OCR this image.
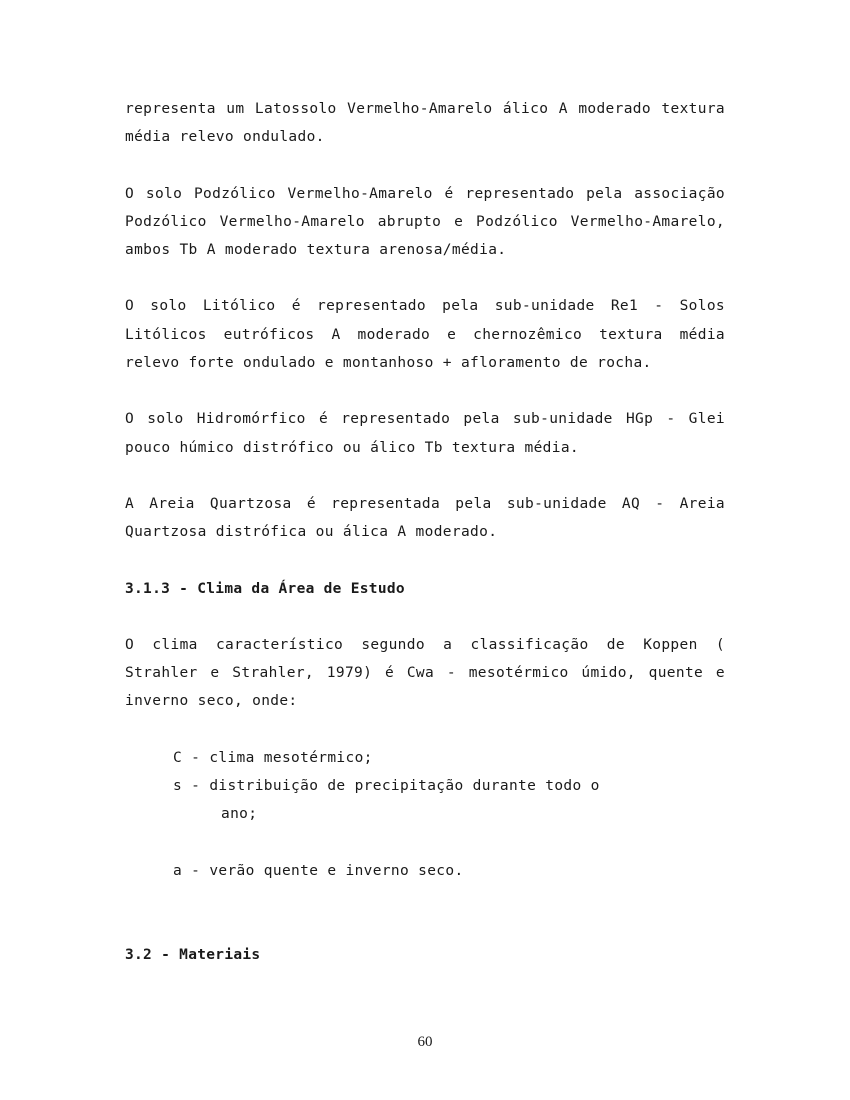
representa um Latossolo Vermelho-Amarelo álico A moderado textura média relevo ondulado.

O solo Podzólico Vermelho-Amarelo é representado pela associação Podzólico Vermelho-Amarelo abrupto e Podzólico Vermelho-Amarelo, ambos Tb A moderado textura arenosa/média.

O solo Litólico é representado pela sub-unidade Re1 - Solos Litólicos eutróficos A moderado e chernozêmico textura média relevo forte ondulado e montanhoso + afloramento de rocha.

O solo Hidromórfico é representado pela sub-unidade HGp - Glei pouco húmico distrófico ou álico Tb textura média.

A Areia Quartzosa é representada pela sub-unidade AQ - Areia Quartzosa distrófica ou álica A moderado.

3.1.3 - Clima da Área de Estudo

O clima característico segundo a classificação de Koppen ( Strahler e Strahler, 1979) é Cwa - mesotérmico úmido, quente e inverno seco, onde:

C - clima mesotérmico;
s - distribuição de precipitação durante todo o
ano;
a - verão quente e inverno seco.
3.2 - Materiais
60
